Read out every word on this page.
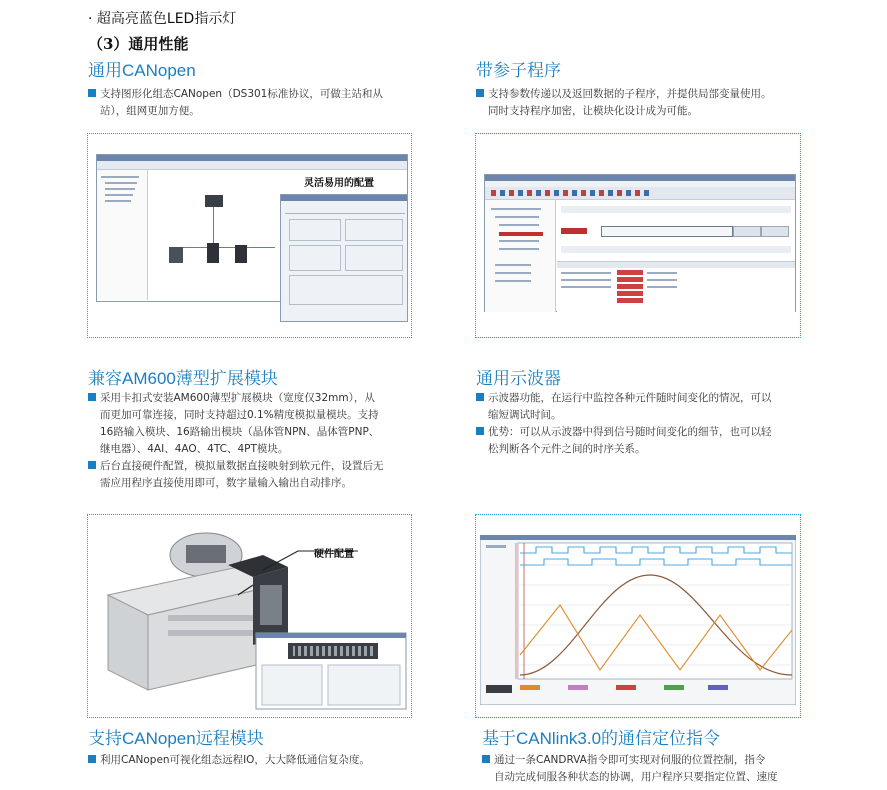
· 超高亮蓝色LED指示灯
（3）通用性能
通用CANopen
支持图形化组态CANopen（DS301标准协议，可做主站和从
站），组网更加方便。
灵活易用的配置
带参子程序
支持参数传递以及返回数据的子程序，并提供局部变量使用。
同时支持程序加密，让模块化设计成为可能。
兼容AM600薄型扩展模块
采用卡扣式安装AM600薄型扩展模块（宽度仅32mm），从
而更加可靠连接，同时支持超过0.1%精度模拟量模块。支持
16路输入模块、16路输出模块（晶体管NPN、晶体管PNP、
继电器）、4AI、4AO、4TC、4PT模块。
后台直接硬件配置，模拟量数据直接映射到软元件，设置后无
需应用程序直接使用即可，数字量输入输出自动排序。
硬件配置
通用示波器
示波器功能，在运行中监控各种元件随时间变化的情况，可以
缩短调试时间。
优势：可以从示波器中得到信号随时间变化的细节，也可以轻
松判断各个元件之间的时序关系。
支持CANopen远程模块
利用CANopen可视化组态远程IO，大大降低通信复杂度。
基于CANlink3.0的通信定位指令
通过一条CANDRVA指令即可实现对伺服的位置控制，指令
自动完成伺服各种状态的协调，用户程序只要指定位置、速度
